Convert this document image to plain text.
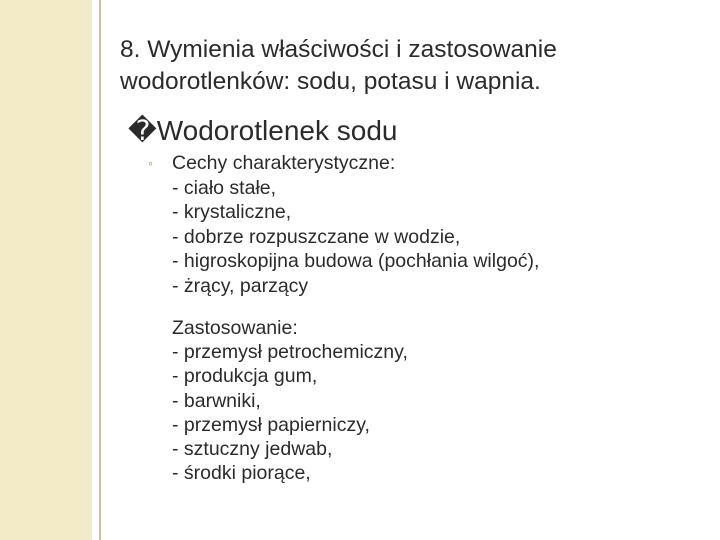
8. Wymienia właściwości i zastosowanie
wodorotlenków: sodu, potasu i wapnia.
�Wodorotlenek sodu
◦ Cechy charakterystyczne:
- ciało stałe,
- krystaliczne,
- dobrze rozpuszczane w wodzie,
- higroskopijna budowa (pochłania wilgoć),
- żrący, parzący
Zastosowanie:
- przemysł petrochemiczny,
- produkcja gum,
- barwniki,
- przemysł papierniczy,
- sztuczny jedwab,
- środki piorące,
